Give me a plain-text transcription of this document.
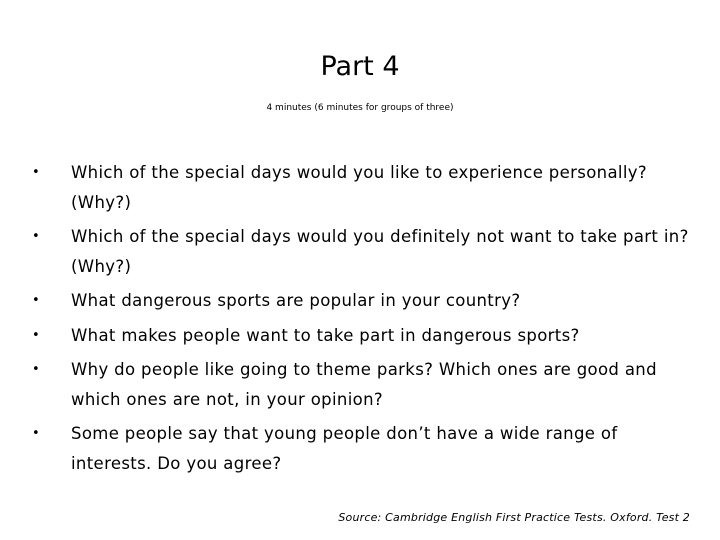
Part 4
4 minutes (6 minutes for groups of three)
• Which of the special days would you like to experience personally? (Why?)
• Which of the special days would you definitely not want to take part in? (Why?)
• What dangerous sports are popular in your country?
• What makes people want to take part in dangerous sports?
• Why do people like going to theme parks? Which ones are good and which ones are not, in your opinion?
• Some people say that young people don’t have a wide range of interests. Do you agree?
Source: Cambridge English First Practice Tests. Oxford. Test 2
